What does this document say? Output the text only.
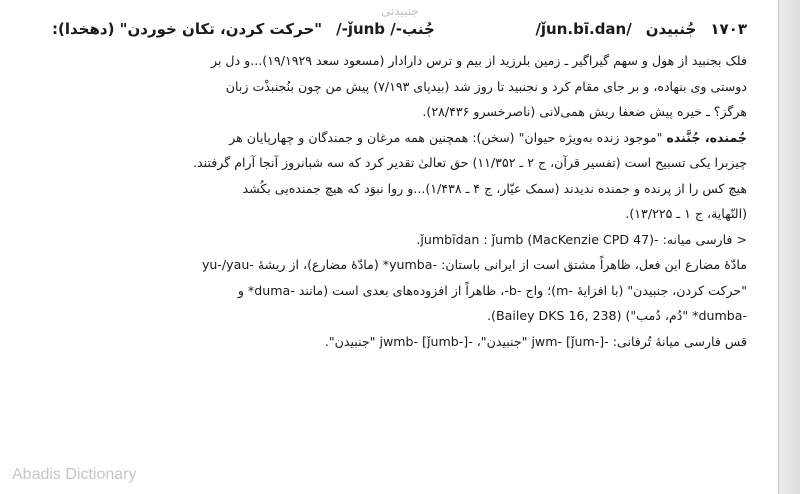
جنبیدنی
۱۷۰۳
جُنبیدن
/ǰun.bī.dan/
جُنب-/ ǰunb-/
"حرکت کردن، تکان خوردن" (دهخدا):
فلک بجنبید از هول و سهم گیراگیر ـ زمین بلرزید از بیم و ترس دارادار (مسعود سعد ۱۹/۱۹۲۹)...و دل بر
دوستی وی بنهاده، و بر جای مقام کرد و نجنبید تا روز شد (بیدپای ۷/۱۹۳) پیش من چون بنُجنبذْت زبان
هرگز؟ ـ خیره پیش ضعفا ریش همی‌لانی (ناصرخسرو ۲۸/۴۳۶).
جُمنده، جُنَّنده "موجود زنده به‌ویژه حیوان" (سخن): همچنین همه مرغان و جمندگان و چهارپایان هر
چیزبرا یکی تسبیح است (تفسیر قرآن، ج ۲ ـ ۱۱/۳۵۲) حق تعالیٰ تقدیر کرد که سه شبانروز آنجا آرام گرفتند.
هیچ کس را از پرنده و جمنده ندیدند (سمک عیّار، ج ۴ ـ ۱/۴۳۸)...و روا نبوَد که هیچ جمنده‌یی بکُشد
(النّهایة، ج ۱ ـ ۱۳/۲۲۵).
< فارسی میانه: -ǰumbīdan : ǰumb (MacKenzie CPD 47).
مادّهٔ مضارع این فعل، ظاهراً مشتق است از ایرانی باستان: -yumba* (مادّهٔ مضارع)، از ریشهٔ -yu-/yau
"حرکت کردن، جنبیدن" (با افزایهٔ -m)؛ واج -b-، ظاهراً از افزوده‌های بعدی است (مانند -duma* و
-dumba* "دُم، دُمب") (Bailey DKS 16, 238).
قس فارسی میانهٔ تُرفانی: -jwm- [ǰum-] "جنبیدن"، -jwmb- [ǰumb-] "جنبیدن".
Abadis Dictionary
